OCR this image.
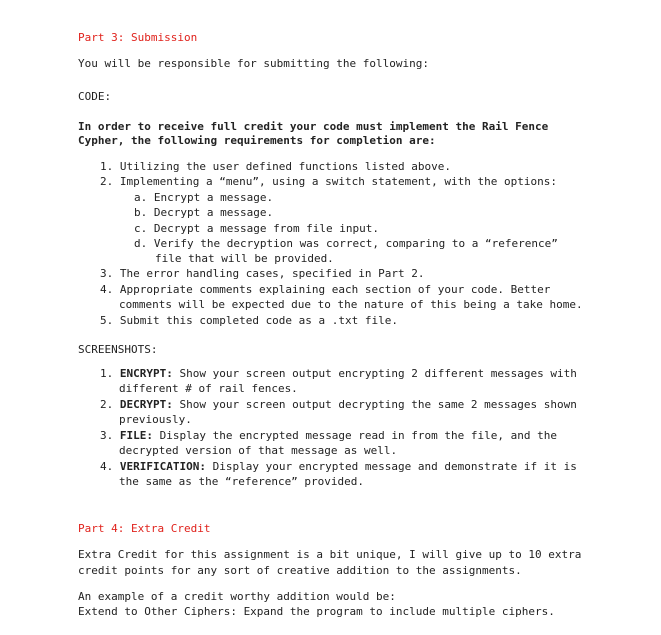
Part 3: Submission
You will be responsible for submitting the following:
CODE:
In order to receive full credit your code must implement the Rail Fence
Cypher, the following requirements for completion are:
1. Utilizing the user defined functions listed above.
2. Implementing a “menu”, using a switch statement, with the options:
a. Encrypt a message.
b. Decrypt a message.
c. Decrypt a message from file input.
d. Verify the decryption was correct, comparing to a “reference”
file that will be provided.
3. The error handling cases, specified in Part 2.
4. Appropriate comments explaining each section of your code. Better
comments will be expected due to the nature of this being a take home.
5. Submit this completed code as a .txt file.
SCREENSHOTS:
1. ENCRYPT: Show your screen output encrypting 2 different messages with
different # of rail fences.
2. DECRYPT: Show your screen output decrypting the same 2 messages shown
previously.
3. FILE: Display the encrypted message read in from the file, and the
decrypted version of that message as well.
4. VERIFICATION: Display your encrypted message and demonstrate if it is
the same as the “reference” provided.
Part 4: Extra Credit
Extra Credit for this assignment is a bit unique, I will give up to 10 extra
credit points for any sort of creative addition to the assignments.
An example of a credit worthy addition would be:
Extend to Other Ciphers: Expand the program to include multiple ciphers.
